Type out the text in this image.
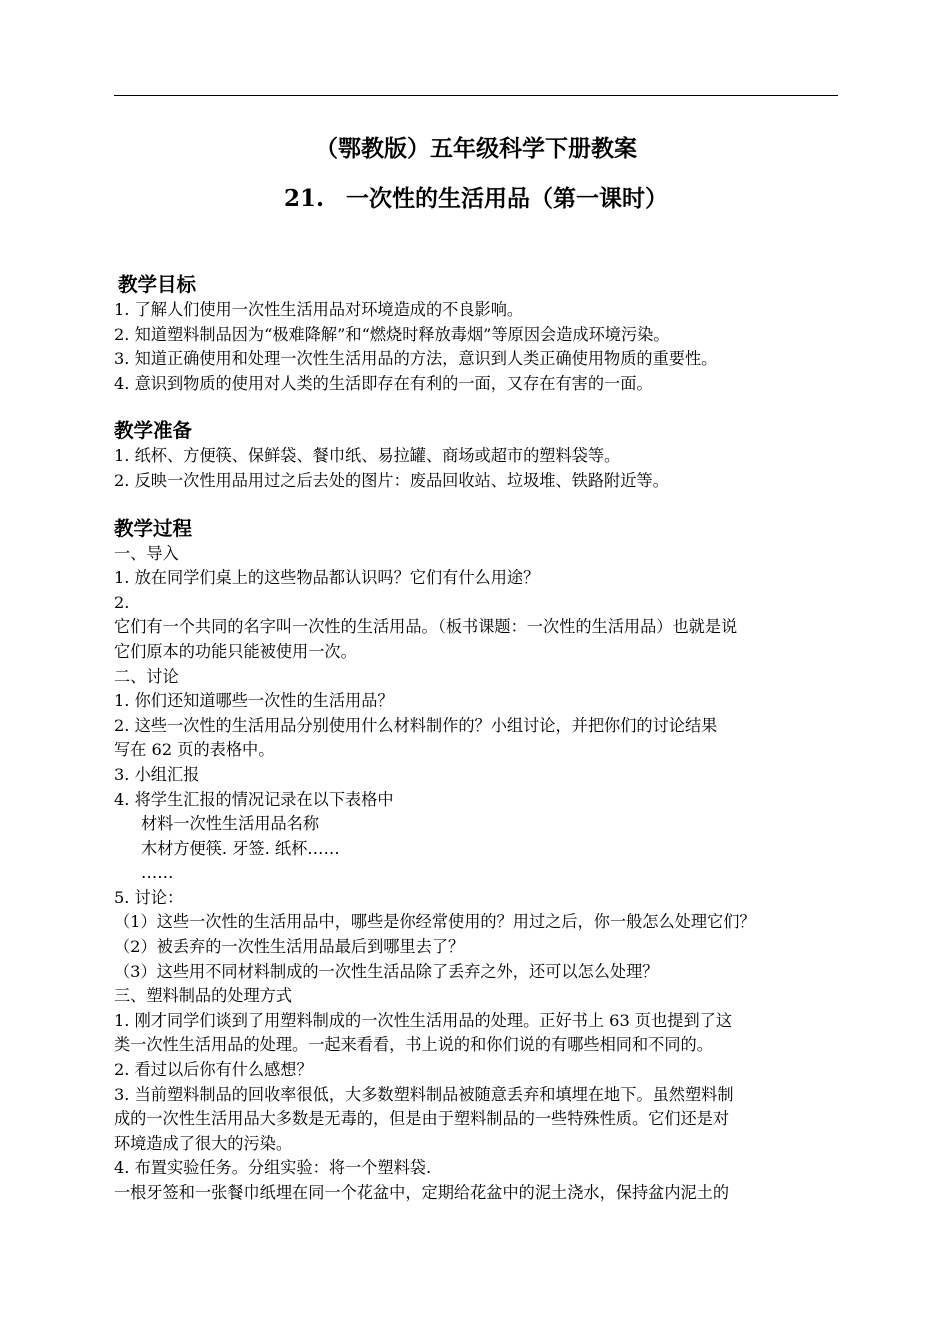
（鄂教版）五年级科学下册教案
21. 一次性的生活用品（第一课时）
教学目标
1. 了解人们使用一次性生活用品对环境造成的不良影响。
2. 知道塑料制品因为“极难降解”和“燃烧时释放毒烟”等原因会造成环境污染。
3. 知道正确使用和处理一次性生活用品的方法，意识到人类正确使用物质的重要性。
4. 意识到物质的使用对人类的生活即存在有利的一面，又存在有害的一面。
教学准备
1. 纸杯、方便筷、保鲜袋、餐巾纸、易拉罐、商场或超市的塑料袋等。
2. 反映一次性用品用过之后去处的图片：废品回收站、垃圾堆、铁路附近等。
教学过程
一、导入
1. 放在同学们桌上的这些物品都认识吗？它们有什么用途？
2.
它们有一个共同的名字叫一次性的生活用品。（板书课题：一次性的生活用品）也就是说
它们原本的功能只能被使用一次。
二、讨论
1. 你们还知道哪些一次性的生活用品？
2. 这些一次性的生活用品分别使用什么材料制作的？小组讨论，并把你们的讨论结果
写在 62 页的表格中。
3. 小组汇报
4. 将学生汇报的情况记录在以下表格中
材料一次性生活用品名称
木材方便筷. 牙签. 纸杯……
……
5. 讨论：
（1）这些一次性的生活用品中，哪些是你经常使用的？用过之后，你一般怎么处理它们？
（2）被丢弃的一次性生活用品最后到哪里去了？
（3）这些用不同材料制成的一次性生活品除了丢弃之外，还可以怎么处理？
三、塑料制品的处理方式
1. 刚才同学们谈到了用塑料制成的一次性生活用品的处理。正好书上 63 页也提到了这
类一次性生活用品的处理。一起来看看，书上说的和你们说的有哪些相同和不同的。
2. 看过以后你有什么感想？
3. 当前塑料制品的回收率很低，大多数塑料制品被随意丢弃和填埋在地下。虽然塑料制
成的一次性生活用品大多数是无毒的，但是由于塑料制品的一些特殊性质。它们还是对
环境造成了很大的污染。
4. 布置实验任务。分组实验：将一个塑料袋.
一根牙签和一张餐巾纸埋在同一个花盆中，定期给花盆中的泥土浇水，保持盆内泥土的
